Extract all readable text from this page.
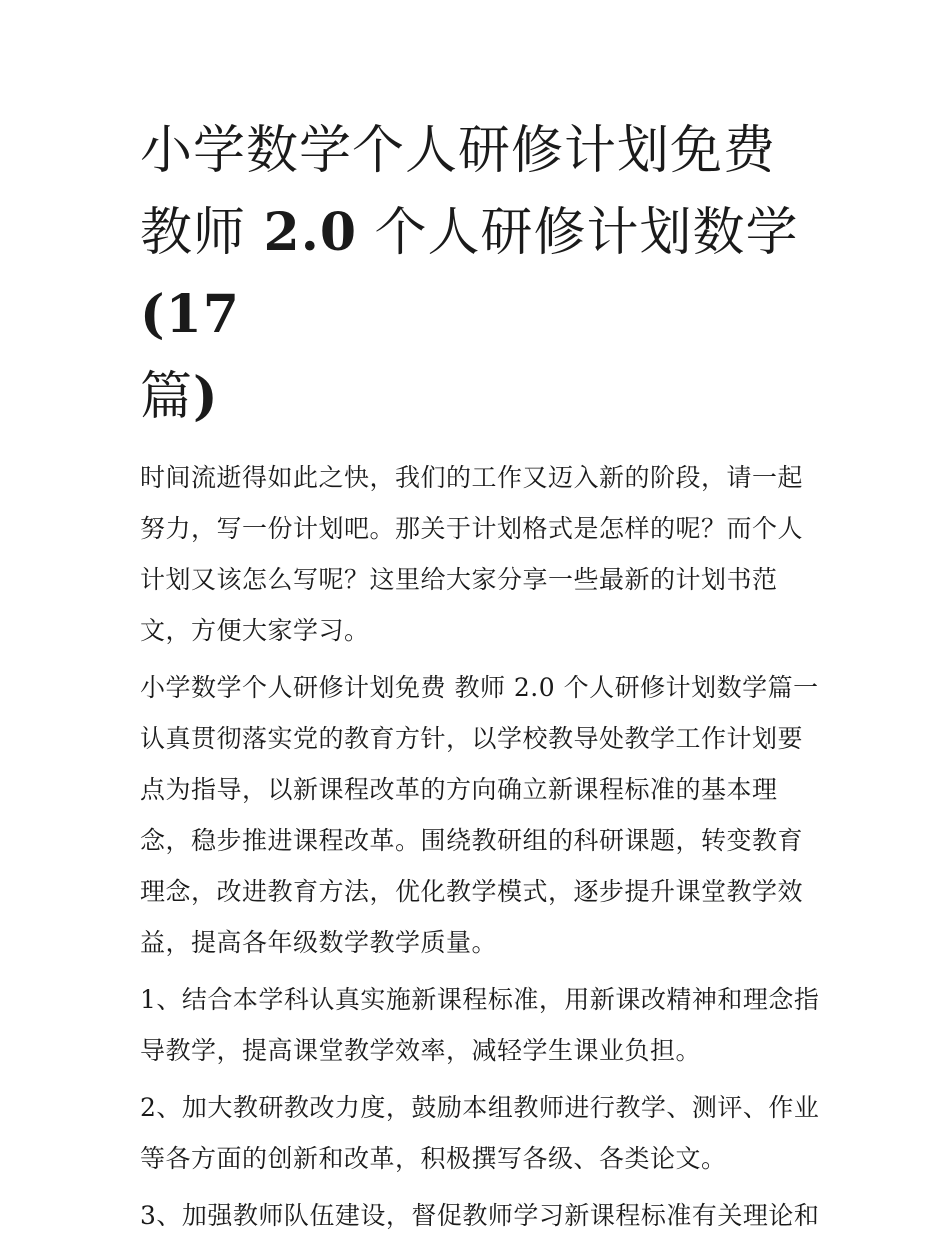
小学数学个人研修计划免费 教师 2.0 个人研修计划数学(17
篇)

时间流逝得如此之快，我们的工作又迈入新的阶段，请一起努力，写一份计划吧。那关于计划格式是怎样的呢？而个人计划又该怎么写呢？这里给大家分享一些最新的计划书范文，方便大家学习。

小学数学个人研修计划免费 教师 2.0 个人研修计划数学篇一

认真贯彻落实党的教育方针，以学校教导处教学工作计划要点为指导，以新课程改革的方向确立新课程标准的基本理念，稳步推进课程改革。围绕教研组的科研课题，转变教育理念，改进教育方法，优化教学模式，逐步提升课堂教学效益，提高各年级数学教学质量。

1、结合本学科认真实施新课程标准，用新课改精神和理念指导教学，提高课堂教学效率，减轻学生课业负担。

2、加大教研教改力度，鼓励本组教师进行教学、测评、作业等各方面的创新和改革，积极撰写各级、各类论文。

3、加强教师队伍建设，督促教师学习新课程标准有关理论和
